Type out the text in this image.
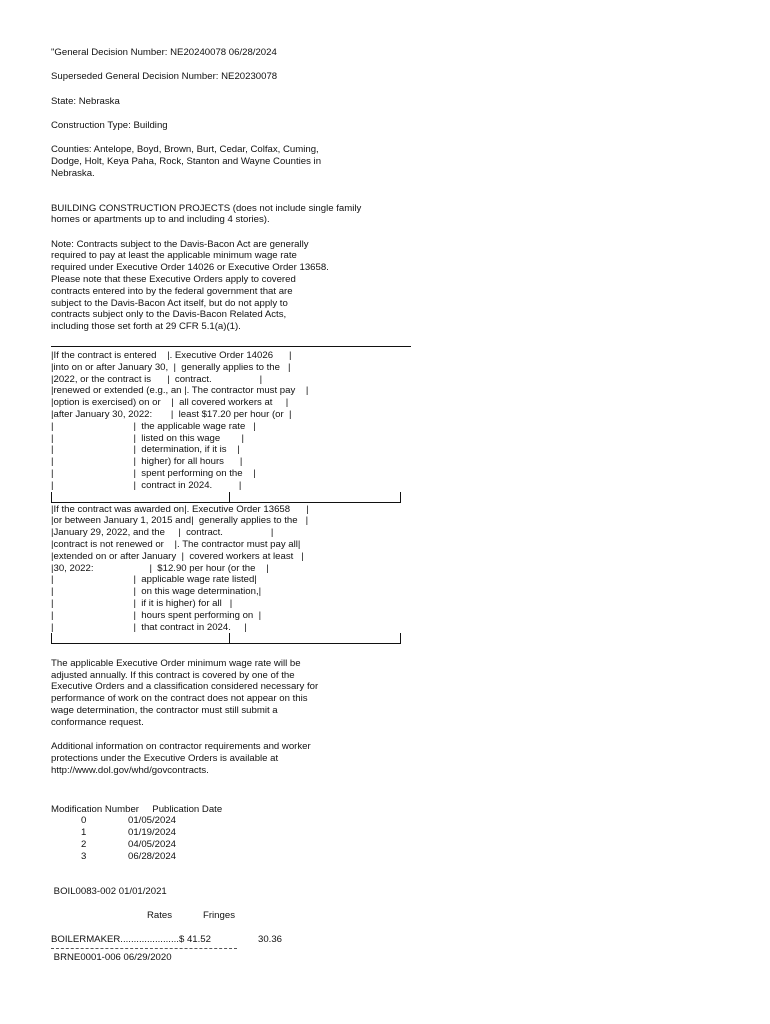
"General Decision Number: NE20240078 06/28/2024
Superseded General Decision Number: NE20230078
State: Nebraska
Construction Type: Building
Counties: Antelope, Boyd, Brown, Burt, Cedar, Colfax, Cuming,
Dodge, Holt, Keya Paha, Rock, Stanton and Wayne Counties in
Nebraska.
BUILDING CONSTRUCTION PROJECTS (does not include single family
homes or apartments up to and including 4 stories).
Note: Contracts subject to the Davis-Bacon Act are generally
required to pay at least the applicable minimum wage rate
required under Executive Order 14026 or Executive Order 13658.
Please note that these Executive Orders apply to covered
contracts entered into by the federal government that are
subject to the Davis-Bacon Act itself, but do not apply to
contracts subject only to the Davis-Bacon Related Acts,
including those set forth at 29 CFR 5.1(a)(1).
|If the contract is entered    |. Executive Order 14026      |
|into on or after January 30,  |  generally applies to the   |
|2022, or the contract is      |  contract.                  |
|renewed or extended (e.g., an |. The contractor must pay    |
|option is exercised) on or    |  all covered workers at     |
|after January 30, 2022:       |  least $17.20 per hour (or  |
|                              |  the applicable wage rate   |
|                              |  listed on this wage        |
|                              |  determination, if it is    |
|                              |  higher) for all hours      |
|                              |  spent performing on the    |
|                              |  contract in 2024.          |
|If the contract was awarded on|. Executive Order 13658      |
|or between January 1, 2015 and|  generally applies to the   |
|January 29, 2022, and the     |  contract.                  |
|contract is not renewed or    |. The contractor must pay all|
|extended on or after January  |  covered workers at least   |
|30, 2022:                     |  $12.90 per hour (or the    |
|                              |  applicable wage rate listed|
|                              |  on this wage determination,|
|                              |  if it is higher) for all   |
|                              |  hours spent performing on  |
|                              |  that contract in 2024.     |
The applicable Executive Order minimum wage rate will be
adjusted annually. If this contract is covered by one of the
Executive Orders and a classification considered necessary for
performance of work on the contract does not appear on this
wage determination, the contractor must still submit a
conformance request.
Additional information on contractor requirements and worker
protections under the Executive Orders is available at
http://www.dol.gov/whd/govcontracts.
Modification Number     Publication Date
0	01/05/2024
1	01/19/2024
2	04/05/2024
3	06/28/2024
BOIL0083-002 01/01/2021
Rates	Fringes
BOILERMAKER......................$ 41.52	30.36
BRNE0001-006 06/29/2020
